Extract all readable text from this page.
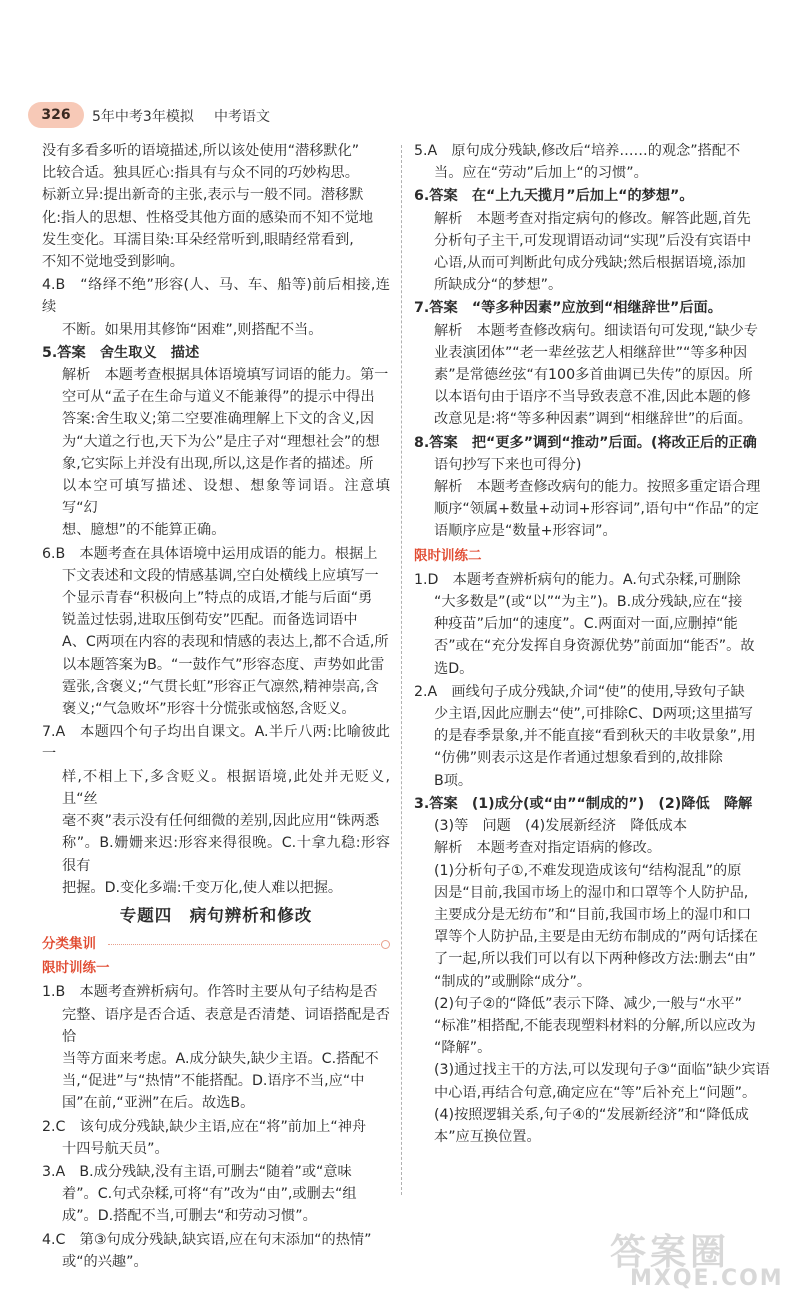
326	5年中考3年模拟 中考语文
没有多看多听的语境描述,所以该处使用“潜移默化”
比较合适。独具匠心:指具有与众不同的巧妙构思。
标新立异:提出新奇的主张,表示与一般不同。潜移默
化:指人的思想、性格受其他方面的感染而不知不觉地
发生变化。耳濡目染:耳朵经常听到,眼睛经常看到,
不知不觉地受到影响。
4.B　“络绎不绝”形容(人、马、车、船等)前后相接,连续
不断。如果用其修饰“困难”,则搭配不当。
5.答案　舍生取义　描述
解析　本题考查根据具体语境填写词语的能力。第一
空可从“孟子在生命与道义不能兼得”的提示中得出
答案:舍生取义;第二空要准确理解上下文的含义,因
为“大道之行也,天下为公”是庄子对“理想社会”的想
象,它实际上并没有出现,所以,这是作者的描述。所
以本空可填写描述、设想、想象等词语。注意填写“幻
想、臆想”的不能算正确。
6.B　本题考查在具体语境中运用成语的能力。根据上
下文表述和文段的情感基调,空白处横线上应填写一
个显示青春“积极向上”特点的成语,才能与后面“勇
锐盖过怯弱,进取压倒苟安”匹配。而备选词语中
A、C两项在内容的表现和情感的表达上,都不合适,所
以本题答案为B。“一鼓作气”形容态度、声势如此雷
霆张,含褒义;“气贯长虹”形容正气凛然,精神崇高,含
褒义;“气急败坏”形容十分慌张或恼怒,含贬义。
7.A　本题四个句子均出自课文。A.半斤八两:比喻彼此一
样,不相上下,多含贬义。根据语境,此处并无贬义,且“丝
毫不爽”表示没有任何细微的差别,因此应用“铢两悉
称”。B.姗姗来迟:形容来得很晚。C.十拿九稳:形容很有
把握。D.变化多端:千变万化,使人难以把握。
专题四　病句辨析和修改
分类集训
限时训练一
1.B　本题考查辨析病句。作答时主要从句子结构是否
完整、语序是否合适、表意是否清楚、词语搭配是否恰
当等方面来考虑。A.成分缺失,缺少主语。C.搭配不
当,“促进”与“热情”不能搭配。D.语序不当,应“中
国”在前,“亚洲”在后。故选B。
2.C　该句成分残缺,缺少主语,应在“将”前加上“神舟
十四号航天员”。
3.A　B.成分残缺,没有主语,可删去“随着”或“意味
着”。C.句式杂糅,可将“有”改为“由”,或删去“组
成”。D.搭配不当,可删去“和劳动习惯”。
4.C　第③句成分残缺,缺宾语,应在句末添加“的热情”
或“的兴趣”。
5.A　原句成分残缺,修改后“培养……的观念”搭配不
当。应在“劳动”后加上“的习惯”。
6.答案　在“上九天揽月”后加上“的梦想”。
解析　本题考查对指定病句的修改。解答此题,首先
分析句子主干,可发现谓语动词“实现”后没有宾语中
心语,从而可判断此句成分残缺;然后根据语境,添加
所缺成分“的梦想”。
7.答案　“等多种因素”应放到“相继辞世”后面。
解析　本题考查修改病句。细读语句可发现,“缺少专
业表演团体”“老一辈丝弦艺人相继辞世”“等多种因
素”是常德丝弦“有100多首曲调已失传”的原因。所
以本语句由于语序不当导致表意不准,因此本题的修
改意见是:将“等多种因素”调到“相继辞世”的后面。
8.答案　把“更多”调到“推动”后面。(将改正后的正确
语句抄写下来也可得分)
解析　本题考查修改病句的能力。按照多重定语合理
顺序“领属+数量+动词+形容词”,语句中“作品”的定
语顺序应是“数量+形容词”。
限时训练二
1.D　本题考查辨析病句的能力。A.句式杂糅,可删除
“大多数是”(或“以”“为主”)。B.成分残缺,应在“接
种疫苗”后加“的速度”。C.两面对一面,应删掉“能
否”或在“充分发挥自身资源优势”前面加“能否”。故
选D。
2.A　画线句子成分残缺,介词“使”的使用,导致句子缺
少主语,因此应删去“使”,可排除C、D两项;这里描写
的是春季景象,并不能直接“看到秋天的丰收景象”,用
“仿佛”则表示这是作者通过想象看到的,故排除
B项。
3.答案　(1)成分(或“由”“制成的”)　(2)降低　降解
(3)等　问题　(4)发展新经济　降低成本
解析　本题考查对指定语病的修改。
(1)分析句子①,不难发现造成该句“结构混乱”的原
因是“目前,我国市场上的湿巾和口罩等个人防护品,
主要成分是无纺布”和“目前,我国市场上的湿巾和口
罩等个人防护品,主要是由无纺布制成的”两句话揉在
了一起,所以我们可以有以下两种修改方法:删去“由”
“制成的”或删除“成分”。
(2)句子②的“降低”表示下降、减少,一般与“水平”
“标准”相搭配,不能表现塑料材料的分解,所以应改为
“降解”。
(3)通过找主干的方法,可以发现句子③“面临”缺少宾语
中心语,再结合句意,确定应在“等”后补充上“问题”。
(4)按照逻辑关系,句子④的“发展新经济”和“降低成
本”应互换位置。
答案圈
MXQE.COM
